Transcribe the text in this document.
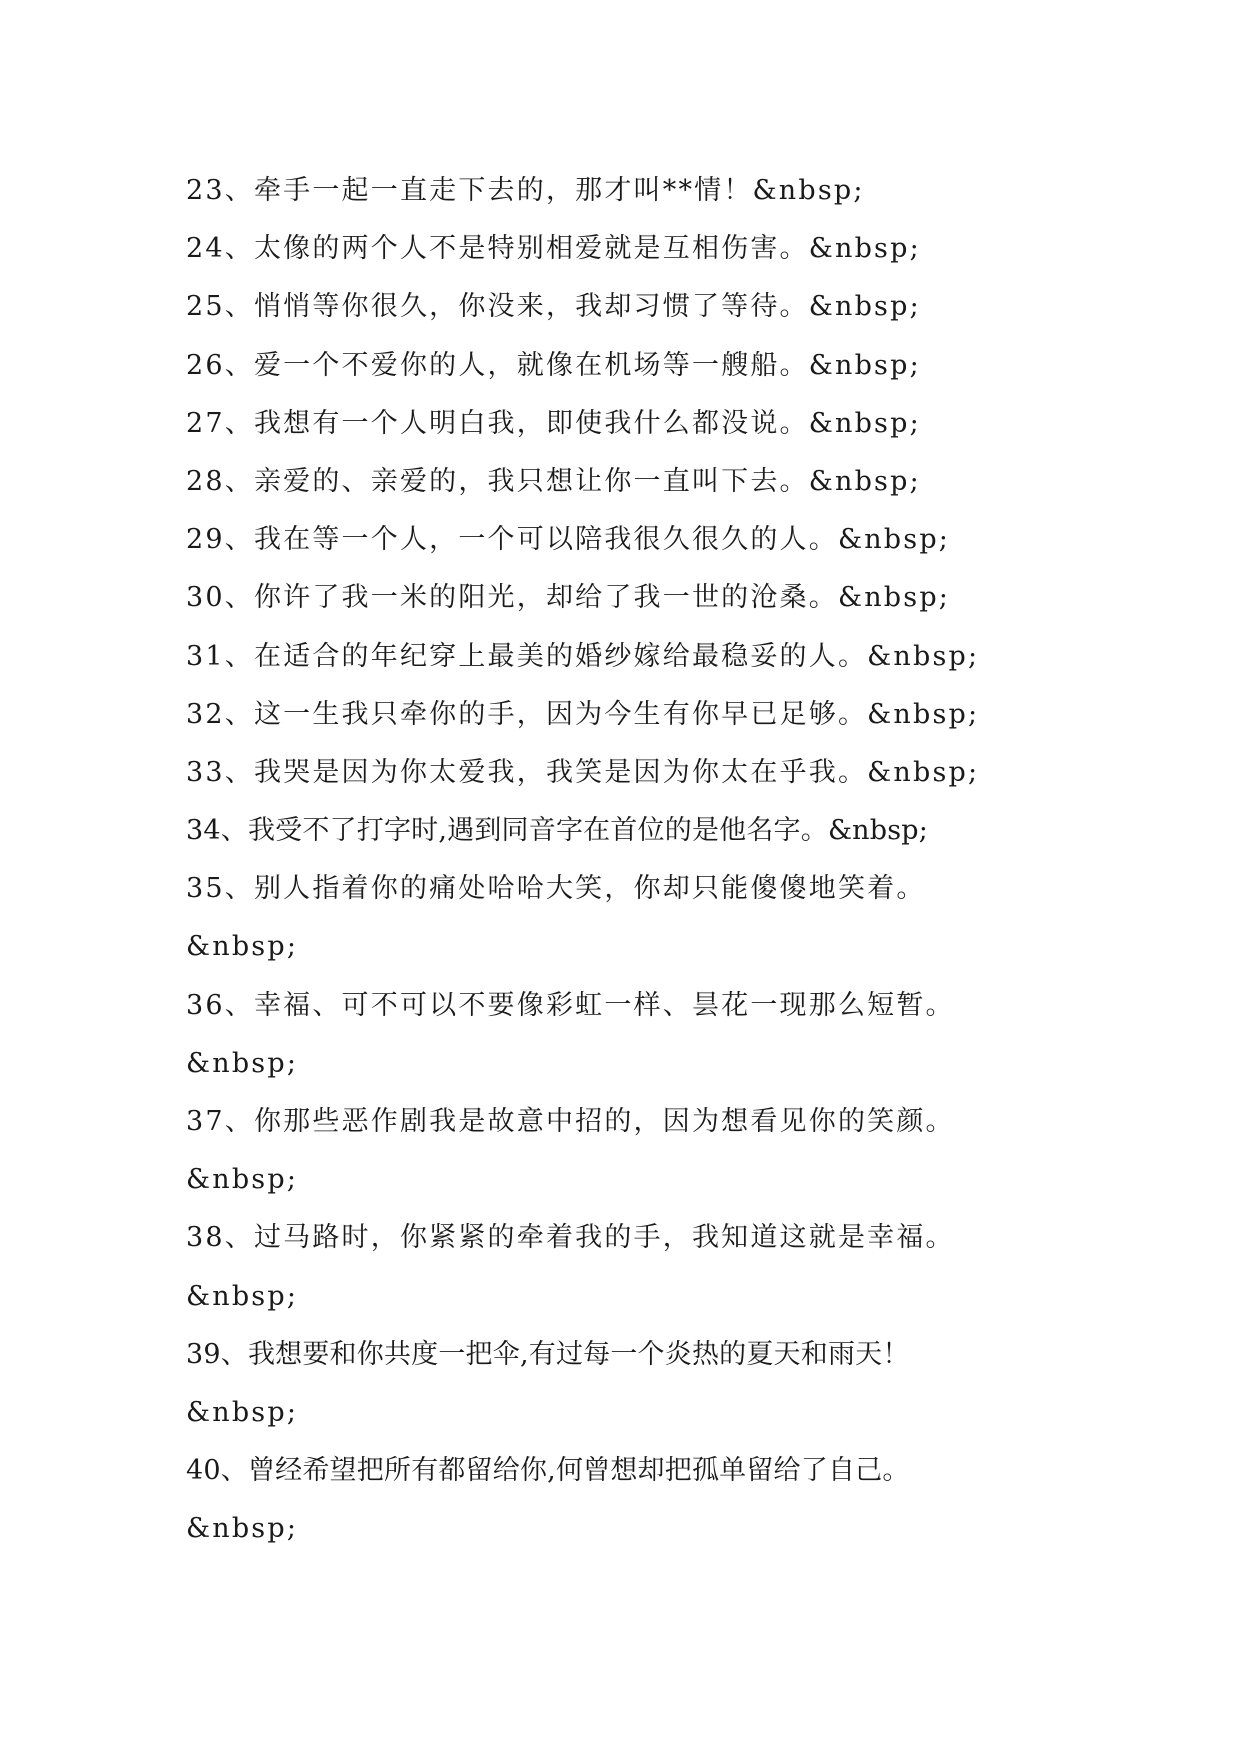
23、牵手一起一直走下去的，那才叫**情！&nbsp;
24、太像的两个人不是特别相爱就是互相伤害。&nbsp;
25、悄悄等你很久，你没来，我却习惯了等待。&nbsp;
26、爱一个不爱你的人，就像在机场等一艘船。&nbsp;
27、我想有一个人明白我，即使我什么都没说。&nbsp;
28、亲爱的、亲爱的，我只想让你一直叫下去。&nbsp;
29、我在等一个人，一个可以陪我很久很久的人。&nbsp;
30、你许了我一米的阳光，却给了我一世的沧桑。&nbsp;
31、在适合的年纪穿上最美的婚纱嫁给最稳妥的人。&nbsp;
32、这一生我只牵你的手，因为今生有你早已足够。&nbsp;
33、我哭是因为你太爱我，我笑是因为你太在乎我。&nbsp;
34、我受不了打字时,遇到同音字在首位的是他名字。&nbsp;
35、别人指着你的痛处哈哈大笑，你却只能傻傻地笑着。
&nbsp;
36、幸福、可不可以不要像彩虹一样、昙花一现那么短暂。
&nbsp;
37、你那些恶作剧我是故意中招的，因为想看见你的笑颜。
&nbsp;
38、过马路时，你紧紧的牵着我的手，我知道这就是幸福。
&nbsp;
39、我想要和你共度一把伞,有过每一个炎热的夏天和雨天！
&nbsp;
40、曾经希望把所有都留给你,何曾想却把孤单留给了自己。
&nbsp;
